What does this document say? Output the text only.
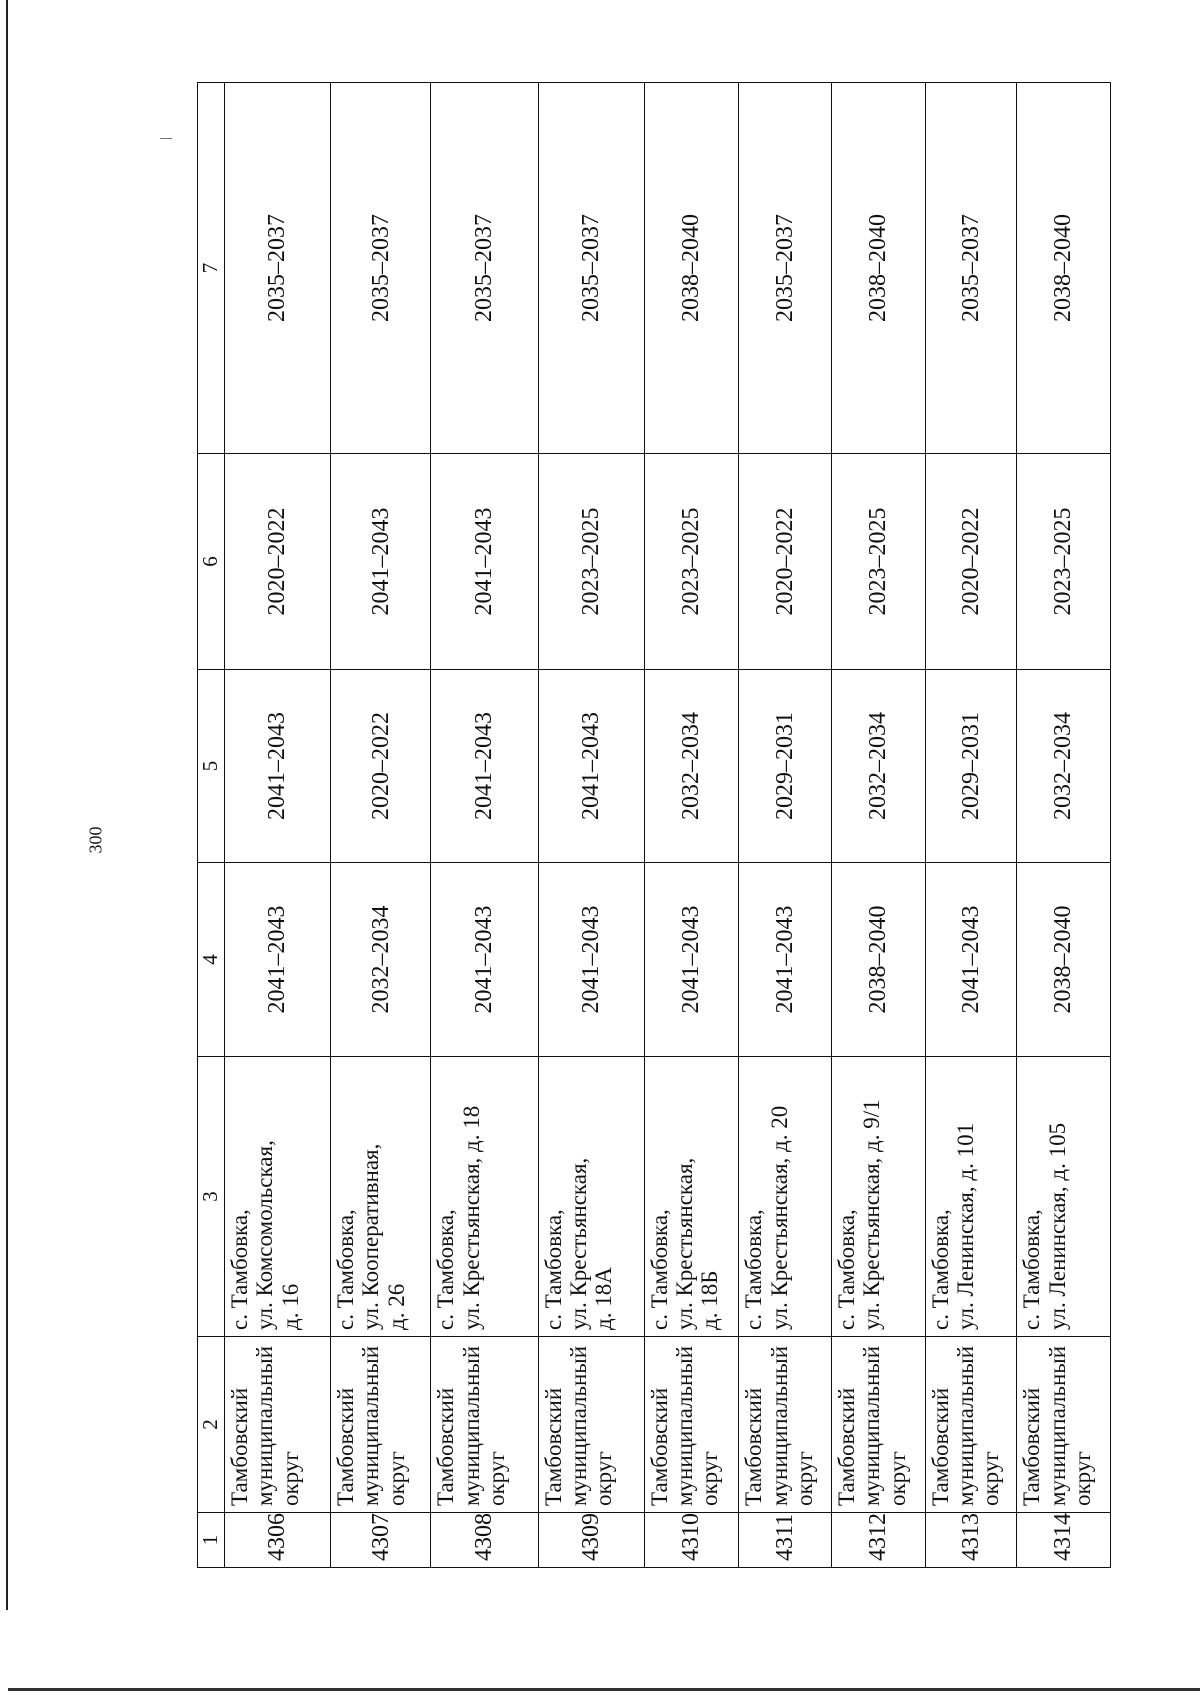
300
1	2	3	4	5	6	7
4306	Тамбовский муниципальный округ	с. Тамбовка, ул. Комсомольская, д. 16	2041–2043	2041–2043	2020–2022	2035–2037
4307	Тамбовский муниципальный округ	с. Тамбовка, ул. Кооперативная, д. 26	2032–2034	2020–2022	2041–2043	2035–2037
4308	Тамбовский муниципальный округ	с. Тамбовка, ул. Крестьянская, д. 18	2041–2043	2041–2043	2041–2043	2035–2037
4309	Тамбовский муниципальный округ	с. Тамбовка, ул. Крестьянская, д. 18А	2041–2043	2041–2043	2023–2025	2035–2037
4310	Тамбовский муниципальный округ	с. Тамбовка, ул. Крестьянская, д. 18Б	2041–2043	2032–2034	2023–2025	2038–2040
4311	Тамбовский муниципальный округ	с. Тамбовка, ул. Крестьянская, д. 20	2041–2043	2029–2031	2020–2022	2035–2037
4312	Тамбовский муниципальный округ	с. Тамбовка, ул. Крестьянская, д. 9/1	2038–2040	2032–2034	2023–2025	2038–2040
4313	Тамбовский муниципальный округ	с. Тамбовка, ул. Ленинская, д. 101	2041–2043	2029–2031	2020–2022	2035–2037
4314	Тамбовский муниципальный округ	с. Тамбовка, ул. Ленинская, д. 105	2038–2040	2032–2034	2023–2025	2038–2040
